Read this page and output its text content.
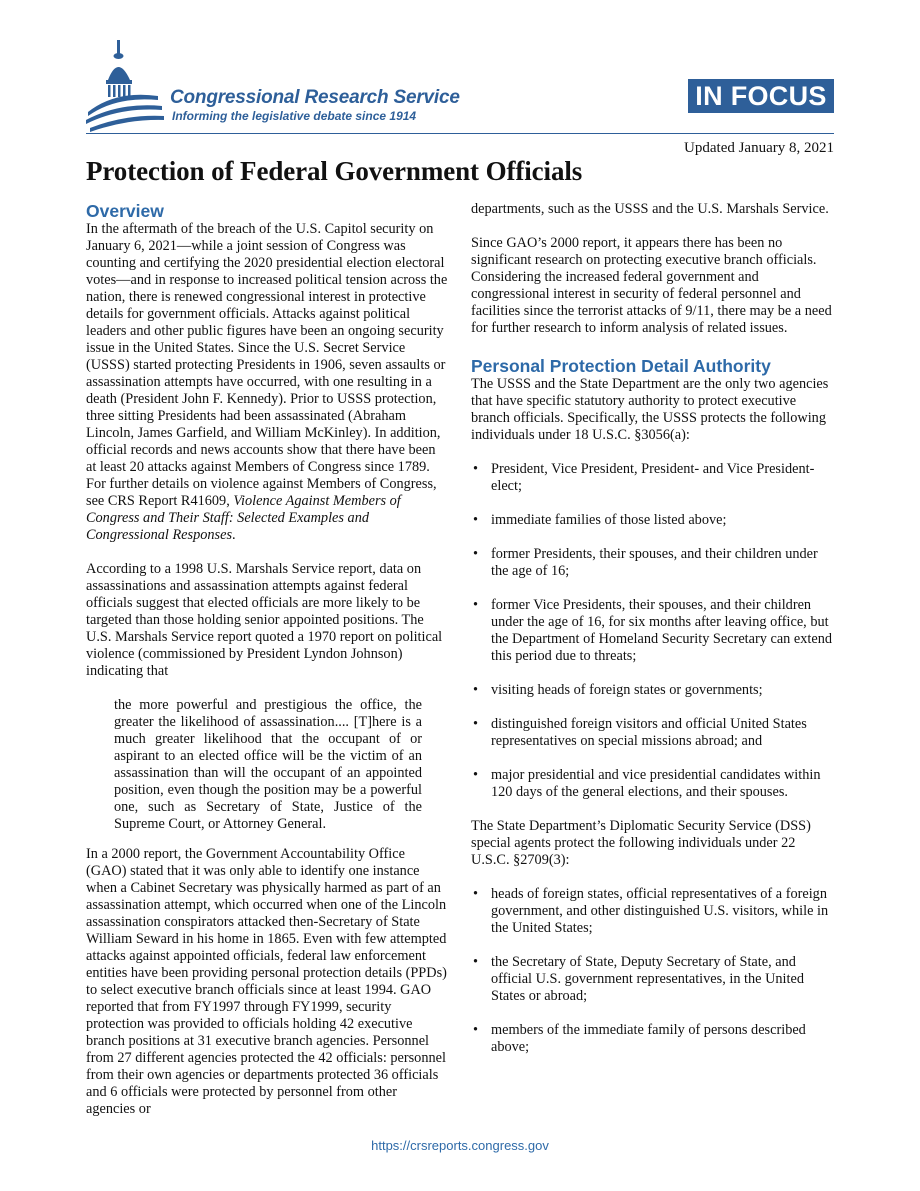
Congressional Research Service

Informing the legislative debate since 1914

IN FOCUS

Updated January 8, 2021

Protection of Federal Government Officials
Overview

In the aftermath of the breach of the U.S. Capitol security on January 6, 2021—while a joint session of Congress was counting and certifying the 2020 presidential election electoral votes—and in response to increased political tension across the nation, there is renewed congressional interest in protective details for government officials. Attacks against political leaders and other public figures have been an ongoing security issue in the United States. Since the U.S. Secret Service (USSS) started protecting Presidents in 1906, seven assaults or assassination attempts have occurred, with one resulting in a death (President John F. Kennedy). Prior to USSS protection, three sitting Presidents had been assassinated (Abraham Lincoln, James Garfield, and William McKinley). In addition, official records and news accounts show that there have been at least 20 attacks against Members of Congress since 1789. For further details on violence against Members of Congress, see CRS Report R41609, Violence Against Members of Congress and Their Staff: Selected Examples and Congressional Responses.

According to a 1998 U.S. Marshals Service report, data on assassinations and assassination attempts against federal officials suggest that elected officials are more likely to be targeted than those holding senior appointed positions. The U.S. Marshals Service report quoted a 1970 report on political violence (commissioned by President Lyndon Johnson) indicating that

the more powerful and prestigious the office, the greater the likelihood of assassination.... [T]here is a much greater likelihood that the occupant of or aspirant to an elected office will be the victim of an assassination than will the occupant of an appointed position, even though the position may be a powerful one, such as Secretary of State, Justice of the Supreme Court, or Attorney General.

In a 2000 report, the Government Accountability Office (GAO) stated that it was only able to identify one instance when a Cabinet Secretary was physically harmed as part of an assassination attempt, which occurred when one of the Lincoln assassination conspirators attacked then-Secretary of State William Seward in his home in 1865. Even with few attempted attacks against appointed officials, federal law enforcement entities have been providing personal protection details (PPDs) to select executive branch officials since at least 1994. GAO reported that from FY1997 through FY1999, security protection was provided to officials holding 42 executive branch positions at 31 executive branch agencies. Personnel from 27 different agencies protected the 42 officials: personnel from their own agencies or departments protected 36 officials and 6 officials were protected by personnel from other agencies or

departments, such as the USSS and the U.S. Marshals Service.

Since GAO’s 2000 report, it appears there has been no significant research on protecting executive branch officials. Considering the increased federal government and congressional interest in security of federal personnel and facilities since the terrorist attacks of 9/11, there may be a need for further research to inform analysis of related issues.

Personal Protection Detail Authority

The USSS and the State Department are the only two agencies that have specific statutory authority to protect executive branch officials. Specifically, the USSS protects the following individuals under 18 U.S.C. §3056(a):

• President, Vice President, President- and Vice President-elect;
• immediate families of those listed above;
• former Presidents, their spouses, and their children under the age of 16;
• former Vice Presidents, their spouses, and their children under the age of 16, for six months after leaving office, but the Department of Homeland Security Secretary can extend this period due to threats;
• visiting heads of foreign states or governments;
• distinguished foreign visitors and official United States representatives on special missions abroad; and
• major presidential and vice presidential candidates within 120 days of the general elections, and their spouses.

The State Department’s Diplomatic Security Service (DSS) special agents protect the following individuals under 22 U.S.C. §2709(3):

• heads of foreign states, official representatives of a foreign government, and other distinguished U.S. visitors, while in the United States;
• the Secretary of State, Deputy Secretary of State, and official U.S. government representatives, in the United States or abroad;
• members of the immediate family of persons described above;
https://crsreports.congress.gov
